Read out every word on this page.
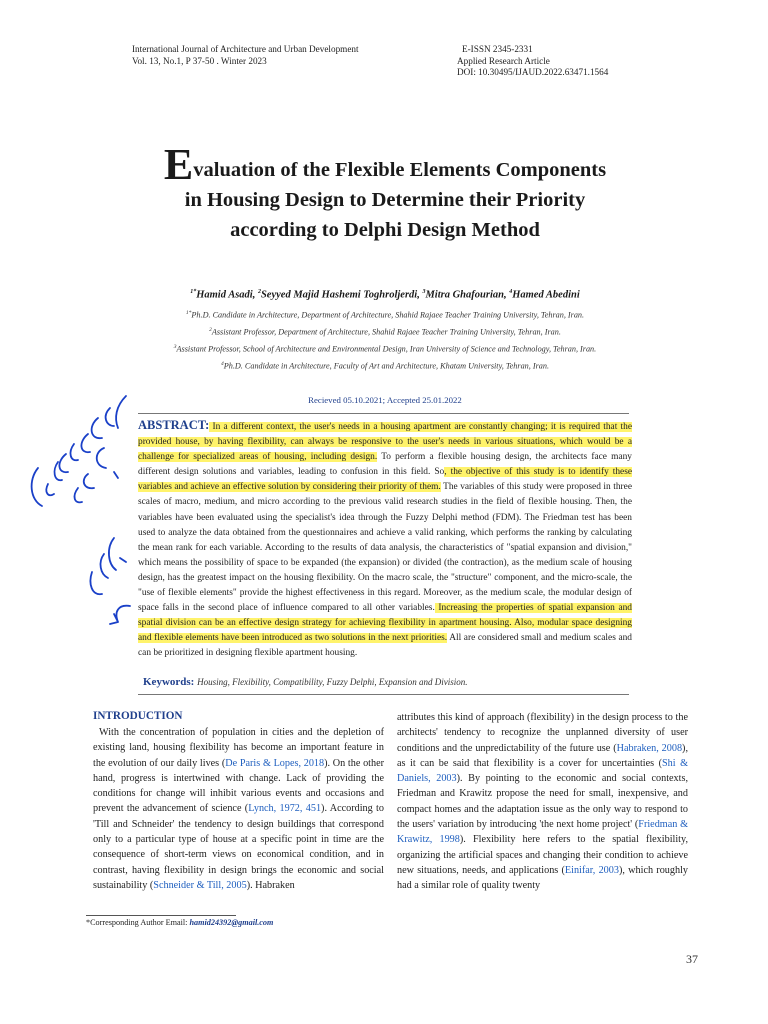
International Journal of Architecture and Urban Development
Vol. 13, No.1, P 37-50 . Winter 2023
E-ISSN 2345-2331
Applied Research Article
DOI: 10.30495/IJAUD.2022.63471.1564
Evaluation of the Flexible Elements Components
in Housing Design to Determine their Priority
according to Delphi Design Method
$^{1*}$Hamid Asadi, $^2$Seyyed Majid Hashemi Toghroljerdi, $^3$Mitra Ghafourian, $^4$Hamed Abedini
$^{1*}$Ph.D. Candidate in Architecture, Department of Architecture, Shahid Rajaee Teacher Training University, Tehran, Iran.
$^2$Assistant Professor, Department of Architecture, Shahid Rajaee Teacher Training University, Tehran, Iran.
$^3$Assistant Professor, School of Architecture and Environmental Design, Iran University of Science and Technology, Tehran, Iran.
$^4$Ph.D. Candidate in Architecture, Faculty of Art and Architecture, Khatam University, Tehran, Iran.
Recieved 05.10.2021; Accepted 25.01.2022
ABSTRACT: In a different context, the user's needs in a housing apartment are constantly changing; it is required that the provided house, by having flexibility, can always be responsive to the user's needs in various situations, which would be a challenge for specialized areas of housing, including design. To perform a flexible housing design, the architects face many different design solutions and variables, leading to confusion in this field. So, the objective of this study is to identify these variables and achieve an effective solution by considering their priority of them. The variables of this study were proposed in three scales of macro, medium, and micro according to the previous valid research studies in the field of flexible housing. Then, the variables have been evaluated using the specialist's idea through the Fuzzy Delphi method (FDM). The Friedman test has been used to analyze the data obtained from the questionnaires and achieve a valid ranking, which performs the ranking by calculating the mean rank for each variable. According to the results of data analysis, the characteristics of "spatial expansion and division," which means the possibility of space to be expanded (the expansion) or divided (the contraction), as the medium scale of housing design, has the greatest impact on the housing flexibility. On the macro scale, the "structure" component, and the micro-scale, the "use of flexible elements" provide the highest effectiveness in this regard. Moreover, as the medium scale, the modular design of space falls in the second place of influence compared to all other variables. Increasing the properties of spatial expansion and spatial division can be an effective design strategy for achieving flexibility in apartment housing. Also, modular space designing and flexible elements have been introduced as two solutions in the next priorities. All are considered small and medium scales and can be prioritized in designing flexible apartment housing.
Keywords: Housing, Flexibility, Compatibility, Fuzzy Delphi, Expansion and Division.
INTRODUCTION
With the concentration of population in cities and the depletion of existing land, housing flexibility has become an important feature in the evolution of our daily lives (De Paris & Lopes, 2018). On the other hand, progress is intertwined with change. Lack of providing the conditions for change will inhibit various events and occasions and prevent the advancement of science (Lynch, 1972, 451). According to 'Till and Schneider' the tendency to design buildings that correspond only to a particular type of house at a specific point in time are the consequence of short-term views on economical condition, and in contrast, having flexibility in design brings the economic and social sustainability (Schneider & Till, 2005). Habraken
attributes this kind of approach (flexibility) in the design process to the architects' tendency to recognize the unplanned diversity of user conditions and the unpredictability of the future use (Habraken, 2008), as it can be said that flexibility is a cover for uncertainties (Shi & Daniels, 2003). By pointing to the economic and social contexts, Friedman and Krawitz propose the need for small, inexpensive, and compact homes and the adaptation issue as the only way to respond to the users' variation by introducing 'the next home project' (Friedman & Krawitz, 1998). Flexibility here refers to the spatial flexibility, organizing the artificial spaces and changing their condition to achieve new situations, needs, and applications (Einifar, 2003), which roughly had a similar role of quality twenty
*Corresponding Author Email: hamid24392@gmail.com
37
